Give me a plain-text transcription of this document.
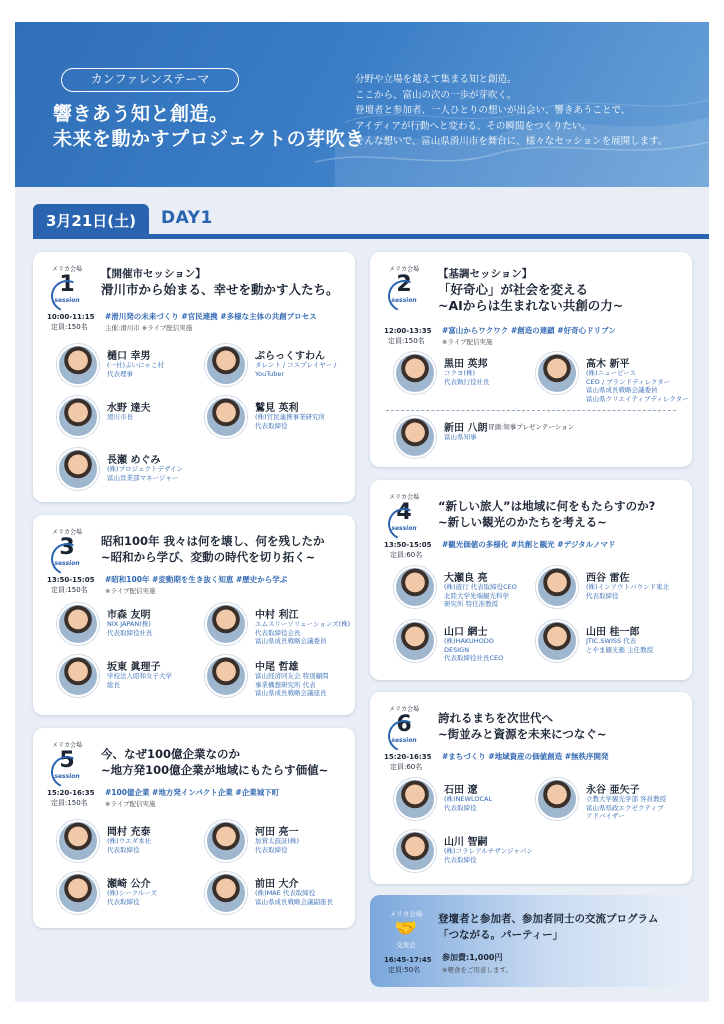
カンファレンステーマ
響きあう知と創造。
未来を動かすプロジェクトの芽吹き
分野や立場を越えて集まる知と創造。
ここから、富山の次の一歩が芽吹く。
登壇者と参加者、一人ひとりの想いが出会い、響きあうことで、
アイディアが行動へと変わる、その瞬間をつくりたい。
そんな想いで、富山県滑川市を舞台に、様々なセッションを展開します。
3月21日(土)	DAY1
メリカ会場
1
session
【開催市セッション】
滑川市から始まる、幸せを動かす人たち。
10:00-11:15
定員:150名
#滑川発の未来づくり #官民連携 #多様な主体の共創プロセス
主催:滑川市 ※ライブ配信実施
樋口 幸男
(一社)ぶいにゃこ村
代表理事
ぷらっくすわん
タレント / コスプレイヤー /
YouTuber
水野 達夫
滑川市長
鷲見 英利
(株)官民連携事業研究所
代表取締役
長瀬 めぐみ
(株)プロジェクトデザイン
富山営業部マネージャー
メリカ会場
2
session
【基調セッション】
「好奇心」が社会を変える
~AIからは生まれない共創の力~
12:00-13:35
定員:150名
#富山からワクワク #創造の連鎖 #好奇心ドリブン
※ライブ配信実施
黒田 英邦
コクヨ(株)
代表執行役社長
高木 新平
(株)ニューピース
CEO / ブランドディレクター
富山県成長戦略会議委員
富山県クリエイティブディレクター
新田 八朗
富山県知事
冒頭:知事プレゼンテーション
メリカ会場
3
session
昭和100年 我々は何を壊し、何を残したか
~昭和から学び、変動の時代を切り拓く~
13:50-15:05
定員:150名
#昭和100年 #変動期を生き抜く知恵 #歴史から学ぶ
※ライブ配信実施
市森 友明
NIX JAPAN(株)
代表取締役社長
中村 利江
エムスリーソリューションズ(株)
代表取締役会長
富山県成長戦略会議委員
坂東 眞理子
学校法人昭和女子大学
総長
中尾 哲雄
富山経済同友会 特別顧問
事業構想研究所 代表
富山県成長戦略会議座長
メリカ会場
4
session
“新しい旅人”は地域に何をもたらすのか?
~新しい観光のかたちを考える~
13:50-15:05
定員:60名
#観光価値の多様化 #共創と観光 #デジタルノマド
大瀬良 亮
(株)遊行 代表取締役CEO
北陸大学先端観光科学
研究所 特任准教授
西谷 雷佐
(株)インアウトバウンド東北
代表取締役
山口 網士
(株)HAKUHODO
DESIGN
代表取締役社長CEO
山田 桂一郎
JTIC.SWISS 代表
とやま観光塾 主任教授
メリカ会場
5
session
今、なぜ100億企業なのか
~地方発100億企業が地域にもたらす価値~
15:20-16:35
定員:150名
#100億企業 #地方発インパクト企業 #企業城下町
※ライブ配信実施
岡村 充泰
(株)ウエダ本社
代表取締役
河田 亮一
加賀太鼓証(株)
代表取締役
瀬崎 公介
(株)シークルーズ
代表取締役
前田 大介
(株)MAE 代表取締役
富山県成長戦略会議副座長
メリカ会場
6
session
誇れるまちを次世代へ
~街並みと資源を未来につなぐ~
15:20-16:35
定員:60名
#まちづくり #地域資産の価値創造 #無秩序開発
石田 遼
(株)NEWLOCAL
代表取締役
永谷 亜矢子
立教大学観光学部 客員教授
富山県県政エクゼクティブ
アドバイザー
山川 智嗣
(株)コラレアルチザンジャパン
代表取締役
メリカ会場
🤝
交流会
登壇者と参加者、参加者同士の交流プログラム
「つながる。パーティー」
16:45-17:45
定員:50名
参加費:1,000円
※軽食をご用意します。
